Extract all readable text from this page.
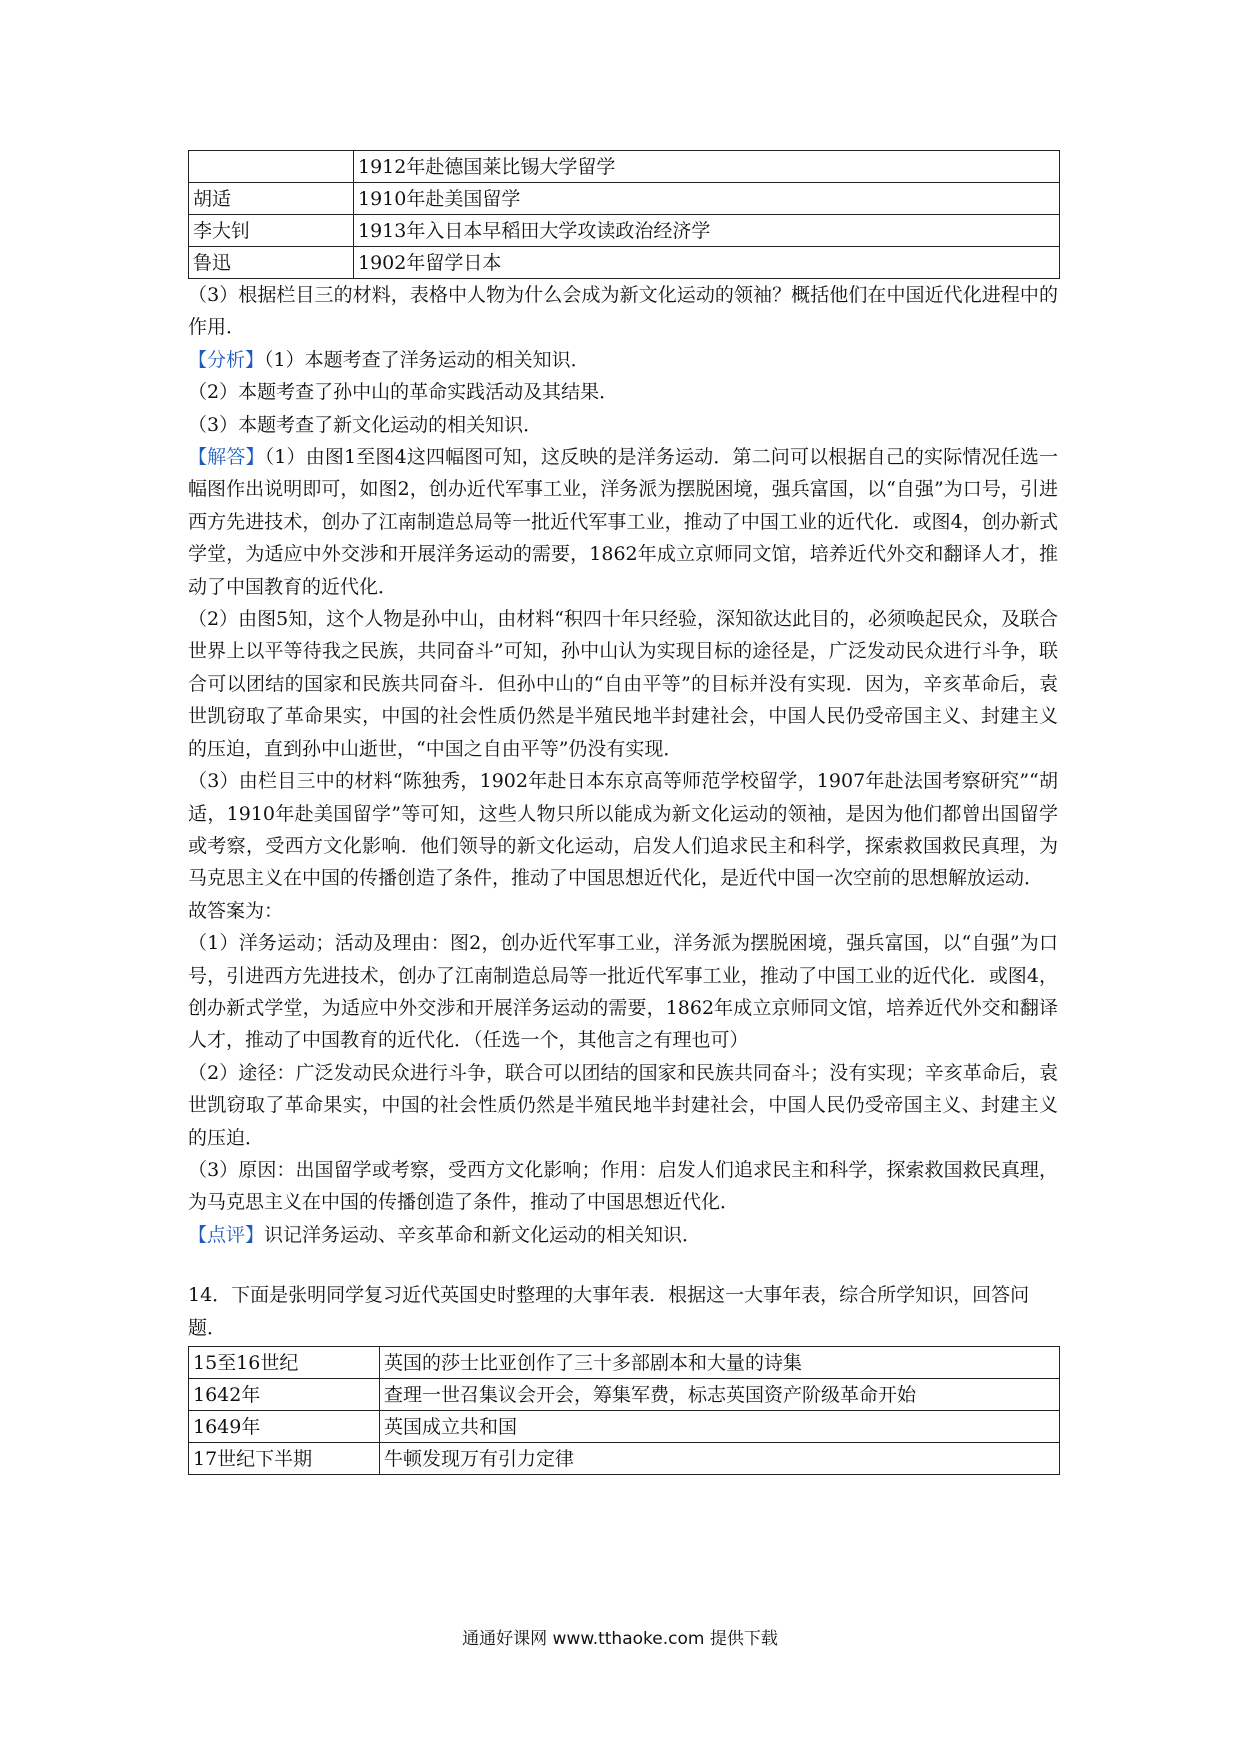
	1912年赴德国莱比锡大学留学
胡适	1910年赴美国留学
李大钊	1913年入日本早稻田大学攻读政治经济学
鲁迅	1902年留学日本

（3）根据栏目三的材料，表格中人物为什么会成为新文化运动的领袖？概括他们在中国近代化进程中的作用．

【分析】（1）本题考查了洋务运动的相关知识．

（2）本题考查了孙中山的革命实践活动及其结果．

（3）本题考查了新文化运动的相关知识．

【解答】（1）由图1至图4这四幅图可知，这反映的是洋务运动．第二问可以根据自己的实际情况任选一幅图作出说明即可，如图2，创办近代军事工业，洋务派为摆脱困境，强兵富国，以“自强”为口号，引进西方先进技术，创办了江南制造总局等一批近代军事工业，推动了中国工业的近代化．或图4，创办新式学堂，为适应中外交涉和开展洋务运动的需要，1862年成立京师同文馆，培养近代外交和翻译人才，推动了中国教育的近代化．

（2）由图5知，这个人物是孙中山，由材料“积四十年只经验，深知欲达此目的，必须唤起民众，及联合世界上以平等待我之民族，共同奋斗”可知，孙中山认为实现目标的途径是，广泛发动民众进行斗争，联合可以团结的国家和民族共同奋斗．但孙中山的“自由平等”的目标并没有实现．因为，辛亥革命后，袁世凯窃取了革命果实，中国的社会性质仍然是半殖民地半封建社会，中国人民仍受帝国主义、封建主义的压迫，直到孙中山逝世，“中国之自由平等”仍没有实现．

（3）由栏目三中的材料“陈独秀，1902年赴日本东京高等师范学校留学，1907年赴法国考察研究”“胡适，1910年赴美国留学”等可知，这些人物只所以能成为新文化运动的领袖，是因为他们都曾出国留学或考察，受西方文化影响．他们领导的新文化运动，启发人们追求民主和科学，探索救国救民真理，为马克思主义在中国的传播创造了条件，推动了中国思想近代化，是近代中国一次空前的思想解放运动．

故答案为：

（1）洋务运动；活动及理由：图2，创办近代军事工业，洋务派为摆脱困境，强兵富国，以“自强”为口号，引进西方先进技术，创办了江南制造总局等一批近代军事工业，推动了中国工业的近代化．或图4，创办新式学堂，为适应中外交涉和开展洋务运动的需要，1862年成立京师同文馆，培养近代外交和翻译人才，推动了中国教育的近代化．（任选一个，其他言之有理也可）

（2）途径：广泛发动民众进行斗争，联合可以团结的国家和民族共同奋斗；没有实现；辛亥革命后，袁世凯窃取了革命果实，中国的社会性质仍然是半殖民地半封建社会，中国人民仍受帝国主义、封建主义的压迫．

（3）原因：出国留学或考察，受西方文化影响；作用：启发人们追求民主和科学，探索救国救民真理，为马克思主义在中国的传播创造了条件，推动了中国思想近代化．

【点评】识记洋务运动、辛亥革命和新文化运动的相关知识．

14．下面是张明同学复习近代英国史时整理的大事年表．根据这一大事年表，综合所学知识，回答问题．

15至16世纪	英国的莎士比亚创作了三十多部剧本和大量的诗集
1642年	查理一世召集议会开会，筹集军费，标志英国资产阶级革命开始
1649年	英国成立共和国
17世纪下半期	牛顿发现万有引力定律
通通好课网 www.tthaoke.com 提供下载
